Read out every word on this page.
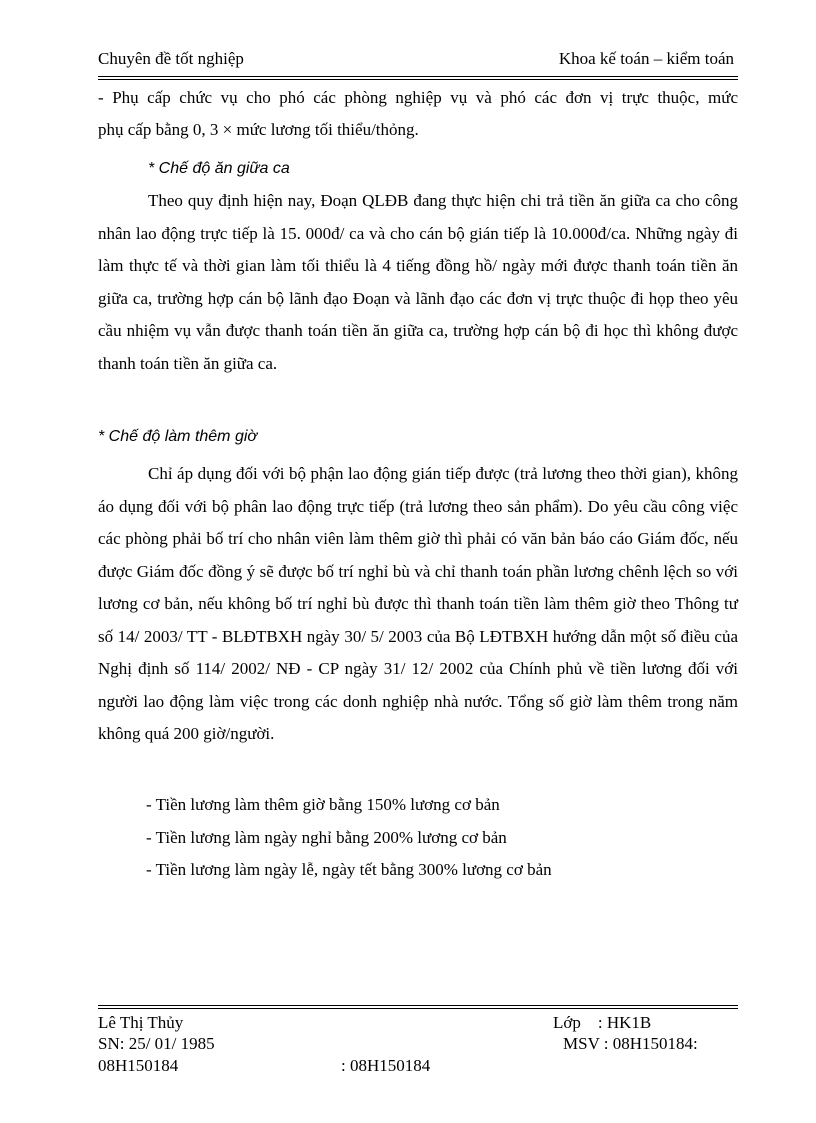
Chuyên đề tốt nghiệp	Khoa kế toán – kiểm toán

- Phụ cấp chức vụ cho phó các phòng nghiệp vụ và phó các đơn vị trực thuộc, mức

phụ cấp bằng 0, 3 × mức lương tối thiểu/thỏng.

* Chế độ ăn giữa ca

Theo quy định hiện nay, Đoạn QLĐB đang thực hiện chi trả tiền ăn giữa ca cho công nhân lao động trực tiếp là 15. 000đ/ ca và cho cán bộ gián tiếp là 10.000đ/ca. Những ngày đi làm thực tế và thời gian làm tối thiểu là 4 tiếng đồng hồ/ ngày mới được thanh toán tiền ăn giữa ca, trường hợp cán bộ lãnh đạo Đoạn và lãnh đạo các đơn vị trực thuộc đi họp theo yêu cầu nhiệm vụ vẫn được thanh toán tiền ăn giữa ca, trường hợp cán bộ đi học thì không được thanh toán tiền ăn giữa ca.

* Chế độ làm thêm giờ

Chỉ áp dụng đối với bộ phận lao động gián tiếp được (trả lương theo thời gian), không áo dụng đối với bộ phân lao động trực tiếp (trả lương theo sản phẩm). Do yêu cầu công việc các phòng phải bố trí cho nhân viên làm thêm giờ thì phải có văn bản báo cáo Giám đốc, nếu được Giám đốc đồng ý sẽ được bố trí nghỉ bù và chỉ thanh toán phần lương chênh lệch so với lương cơ bản, nếu không bố trí nghỉ bù được thì thanh toán tiền làm thêm giờ theo Thông tư số 14/ 2003/ TT - BLĐTBXH ngày 30/ 5/ 2003 của Bộ LĐTBXH hướng dẫn một số điều của Nghị định số 114/ 2002/ NĐ - CP ngày 31/ 12/ 2002 của Chính phủ về tiền lương đối với người lao động làm việc trong các donh nghiệp nhà nước. Tổng số giờ làm thêm trong năm không quá 200 giờ/người.

- Tiền lương làm thêm giờ bằng 150% lương cơ bản

- Tiền lương làm ngày nghỉ bằng 200% lương cơ bản

- Tiền lương làm ngày lễ, ngày tết bằng 300% lương cơ bản

Lê Thị Thủy	Lớp    : HK1B

SN: 25/ 01/ 1985	MSV : 08H150184:

08H150184	: 08H150184
